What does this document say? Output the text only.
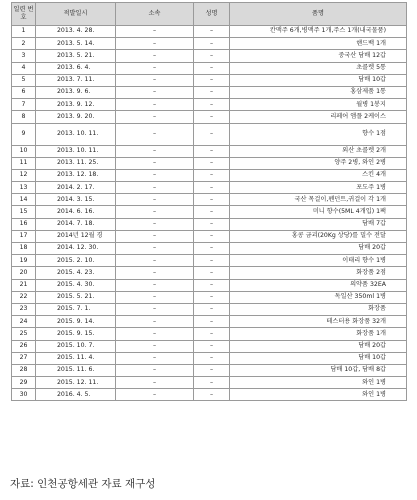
일련 번호	적발일시	소속	성명	품명
1	2013. 4. 28.	–	–	칸맥주 6개,병맥주 1개,주스 1개(내국물품)
2	2013. 5. 14.	–	–	핸드백 1개
3	2013. 5. 21.	–	–	중국산 담배 12갑
4	2013. 6. 4.	–	–	초콜렛 5통
5	2013. 7. 11.	–	–	담배 10갑
6	2013. 9. 6.	–	–	홍삼제품 1통
7	2013. 9. 12.	–	–	월병 1봉지
8	2013. 9. 20.	–	–	리페어 앰플 2케이스
9	2013. 10. 11.	–	–	향수 1점
10	2013. 10. 11.	–	–	외산 초콜렛 2개
11	2013. 11. 25.	–	–	양주 2병, 와인 2병
12	2013. 12. 18.	–	–	스킨 4개
13	2014. 2. 17.	–	–	포도주 1병
14	2014. 3. 15.	–	–	국산 목걸이,펜던트,귀걸이 각 1개
15	2014. 6. 16.	–	–	미니 향수(5ML 4개입) 1팩
16	2014. 7. 18.	–	–	담배 7갑
17	2014년 12월 경	–	–	홍콩 금괴(20Kg 상당)를 밀수 전달
18	2014. 12. 30.	–	–	담배 20갑
19	2015. 2. 10.	–	–	이태리 향수 1병
20	2015. 4. 23.	–	–	화장품 2점
21	2015. 4. 30.	–	–	의약품 32EA
22	2015. 5. 21.	–	–	독일산 350ml 1병
23	2015. 7. 1.	–	–	화장품
24	2015. 9. 14.	–	–	테스터용 화장품 32개
25	2015. 9. 15.	–	–	화장품 1개
26	2015. 10. 7.	–	–	담배 20갑
27	2015. 11. 4.	–	–	담배 10갑
28	2015. 11. 6.	–	–	담배 10갑, 담배 8갑
29	2015. 12. 11.	–	–	와인 1병
30	2016. 4. 5.	–	–	와인 1병
자료: 인천공항세관 자료 재구성
